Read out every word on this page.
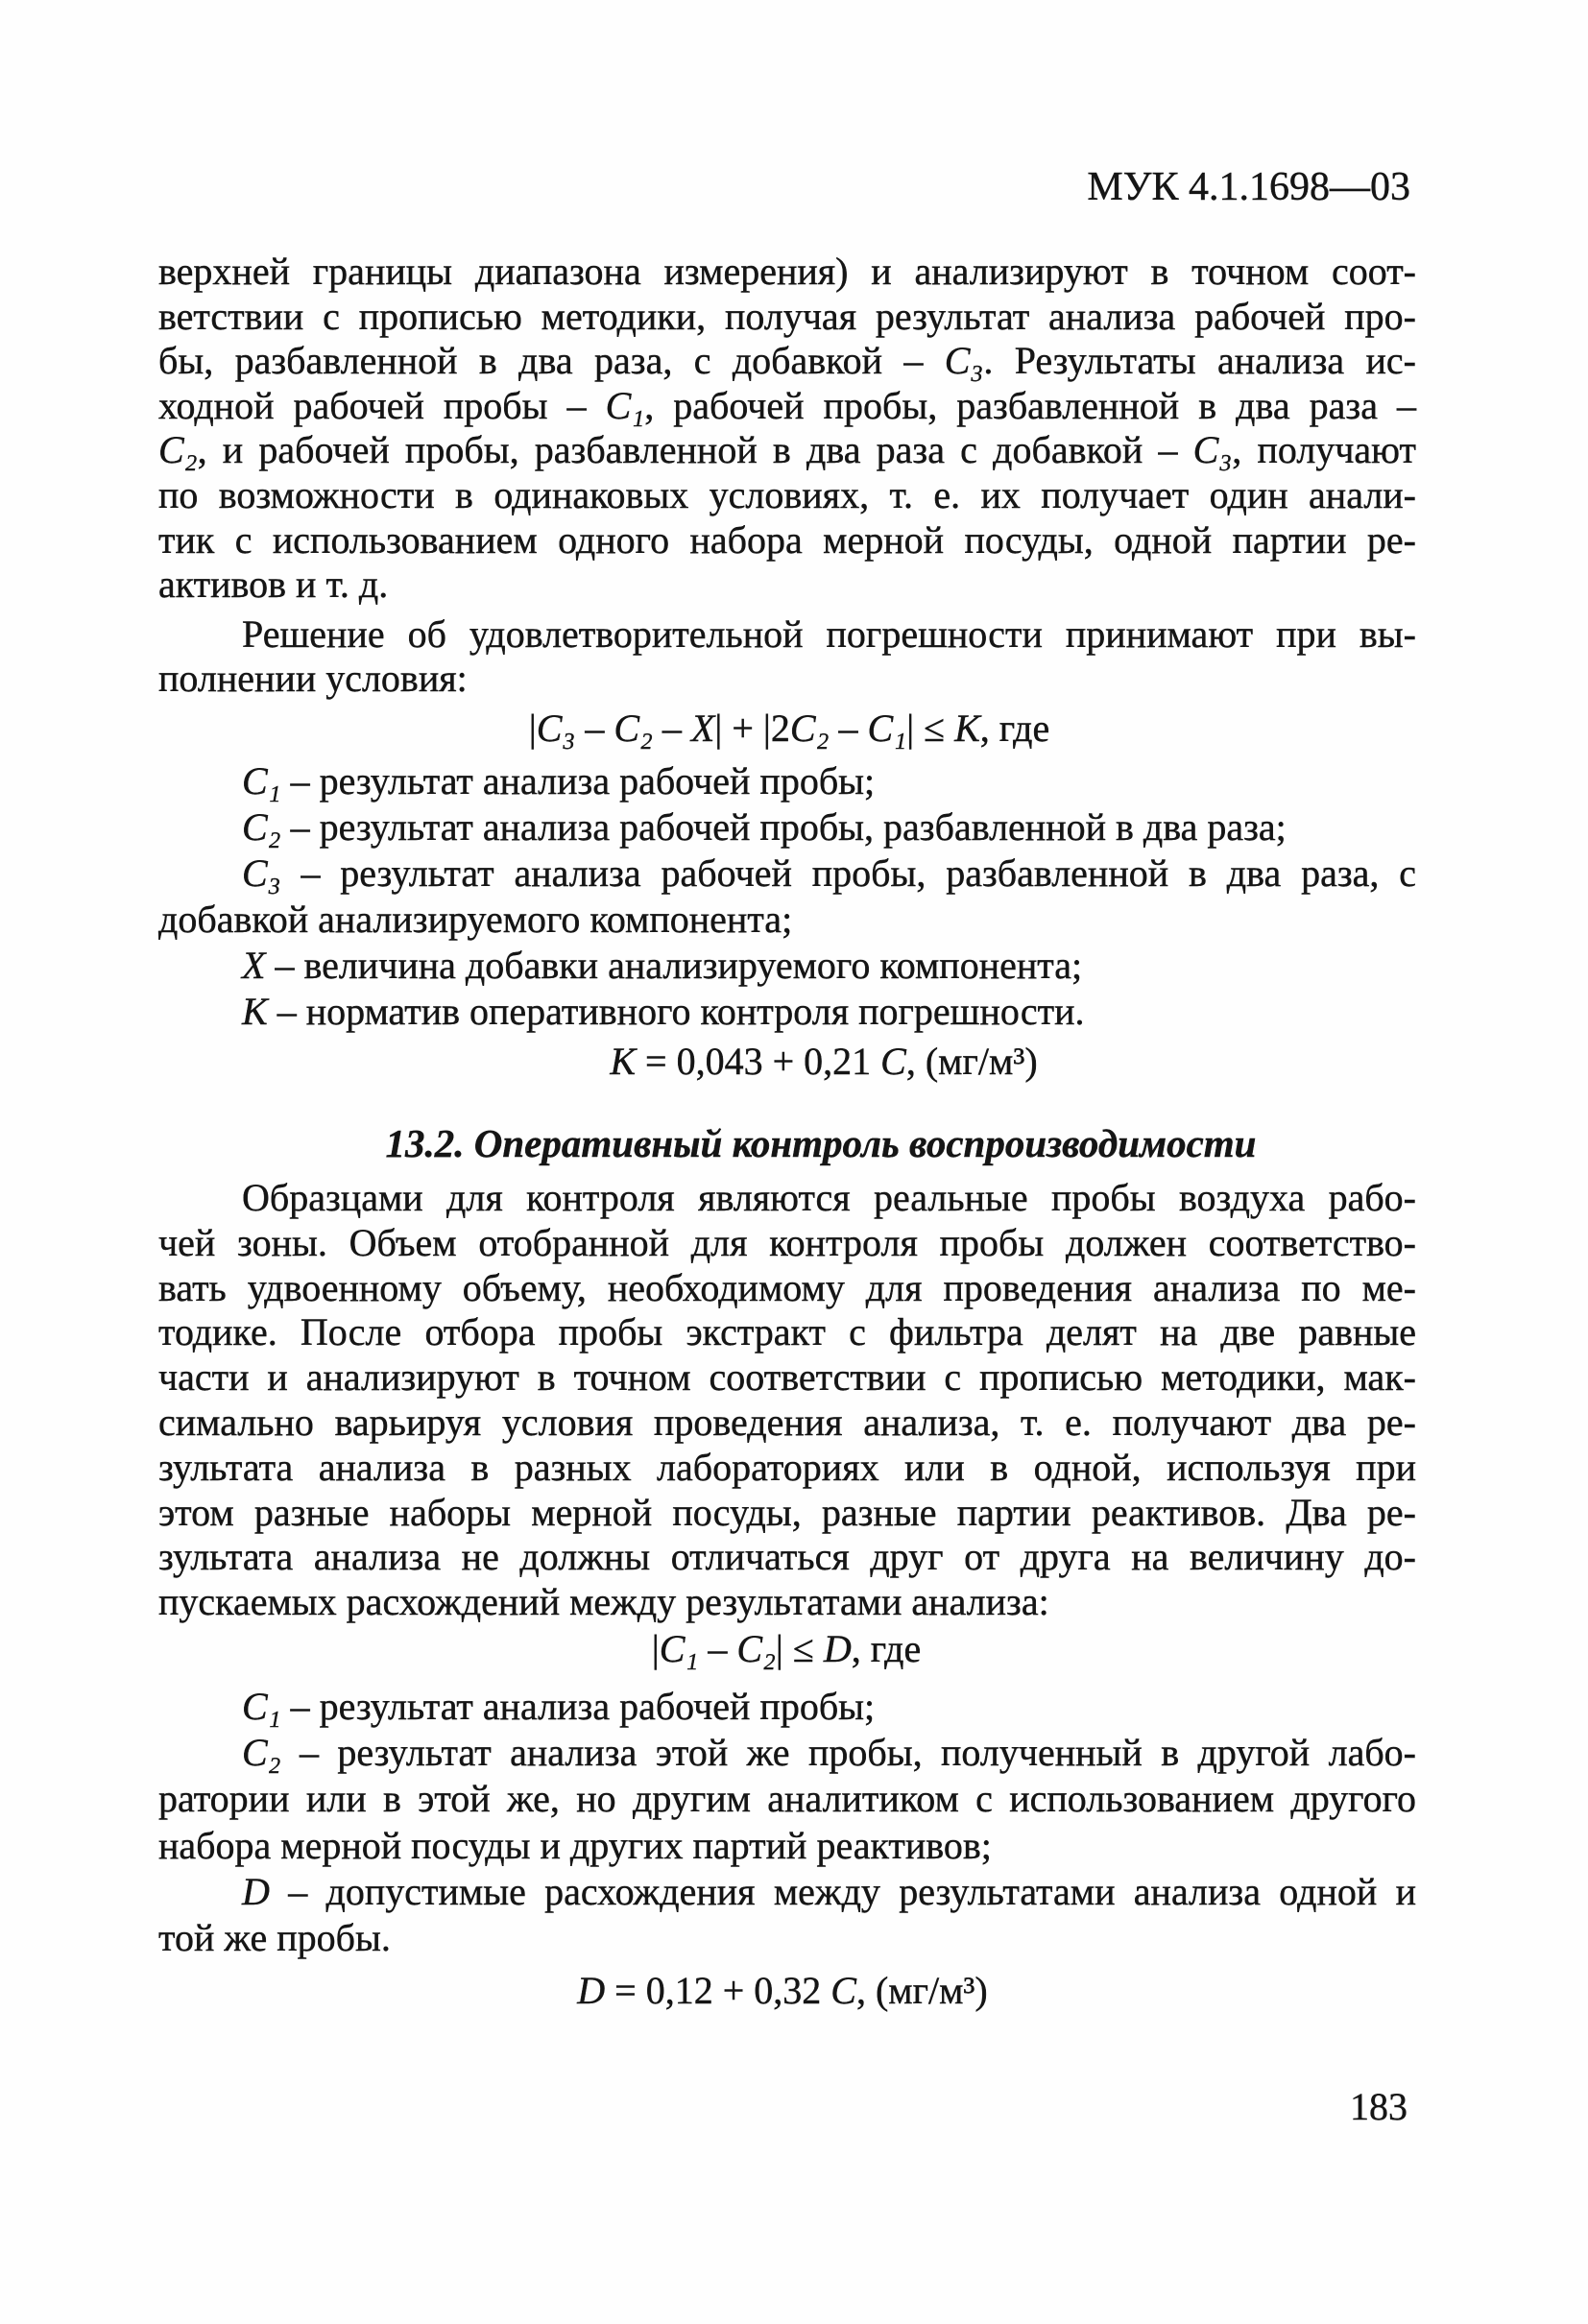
МУК 4.1.1698—03
верхней границы диапазона измерения) и анализируют в точном соот-
ветствии с прописью методики, получая результат анализа рабочей про-
бы, разбавленной в два раза, с добавкой – C₃. Результаты анализа ис-
ходной рабочей пробы – C₁, рабочей пробы, разбавленной в два раза –
C₂, и рабочей пробы, разбавленной в два раза с добавкой – C₃, получают
по возможности в одинаковых условиях, т. е. их получает один анали-
тик с использованием одного набора мерной посуды, одной партии ре-
активов и т. д.
Решение об удовлетворительной погрешности принимают при вы-
полнении условия:
|C₃ – C₂ – X| + |2C₂ – C₁| ≤ K, где
C₁ – результат анализа рабочей пробы;
C₂ – результат анализа рабочей пробы, разбавленной в два раза;
C₃ – результат анализа рабочей пробы, разбавленной в два раза, с
добавкой анализируемого компонента;
X – величина добавки анализируемого компонента;
K – норматив оперативного контроля погрешности.
K = 0,043 + 0,21 C, (мг/м³)
13.2. Оперативный контроль воспроизводимости
Образцами для контроля являются реальные пробы воздуха рабо-
чей зоны. Объем отобранной для контроля пробы должен соответство-
вать удвоенному объему, необходимому для проведения анализа по ме-
тодике. После отбора пробы экстракт с фильтра делят на две равные
части и анализируют в точном соответствии с прописью методики, мак-
симально варьируя условия проведения анализа, т. е. получают два ре-
зультата анализа в разных лабораториях или в одной, используя при
этом разные наборы мерной посуды, разные партии реактивов. Два ре-
зультата анализа не должны отличаться друг от друга на величину до-
пускаемых расхождений между результатами анализа:
|C₁ – C₂| ≤ D, где
C₁ – результат анализа рабочей пробы;
C₂ – результат анализа этой же пробы, полученный в другой лабо-
ратории или в этой же, но другим аналитиком с использованием другого
набора мерной посуды и других партий реактивов;
D – допустимые расхождения между результатами анализа одной и
той же пробы.
D = 0,12 + 0,32 C, (мг/м³)
183
